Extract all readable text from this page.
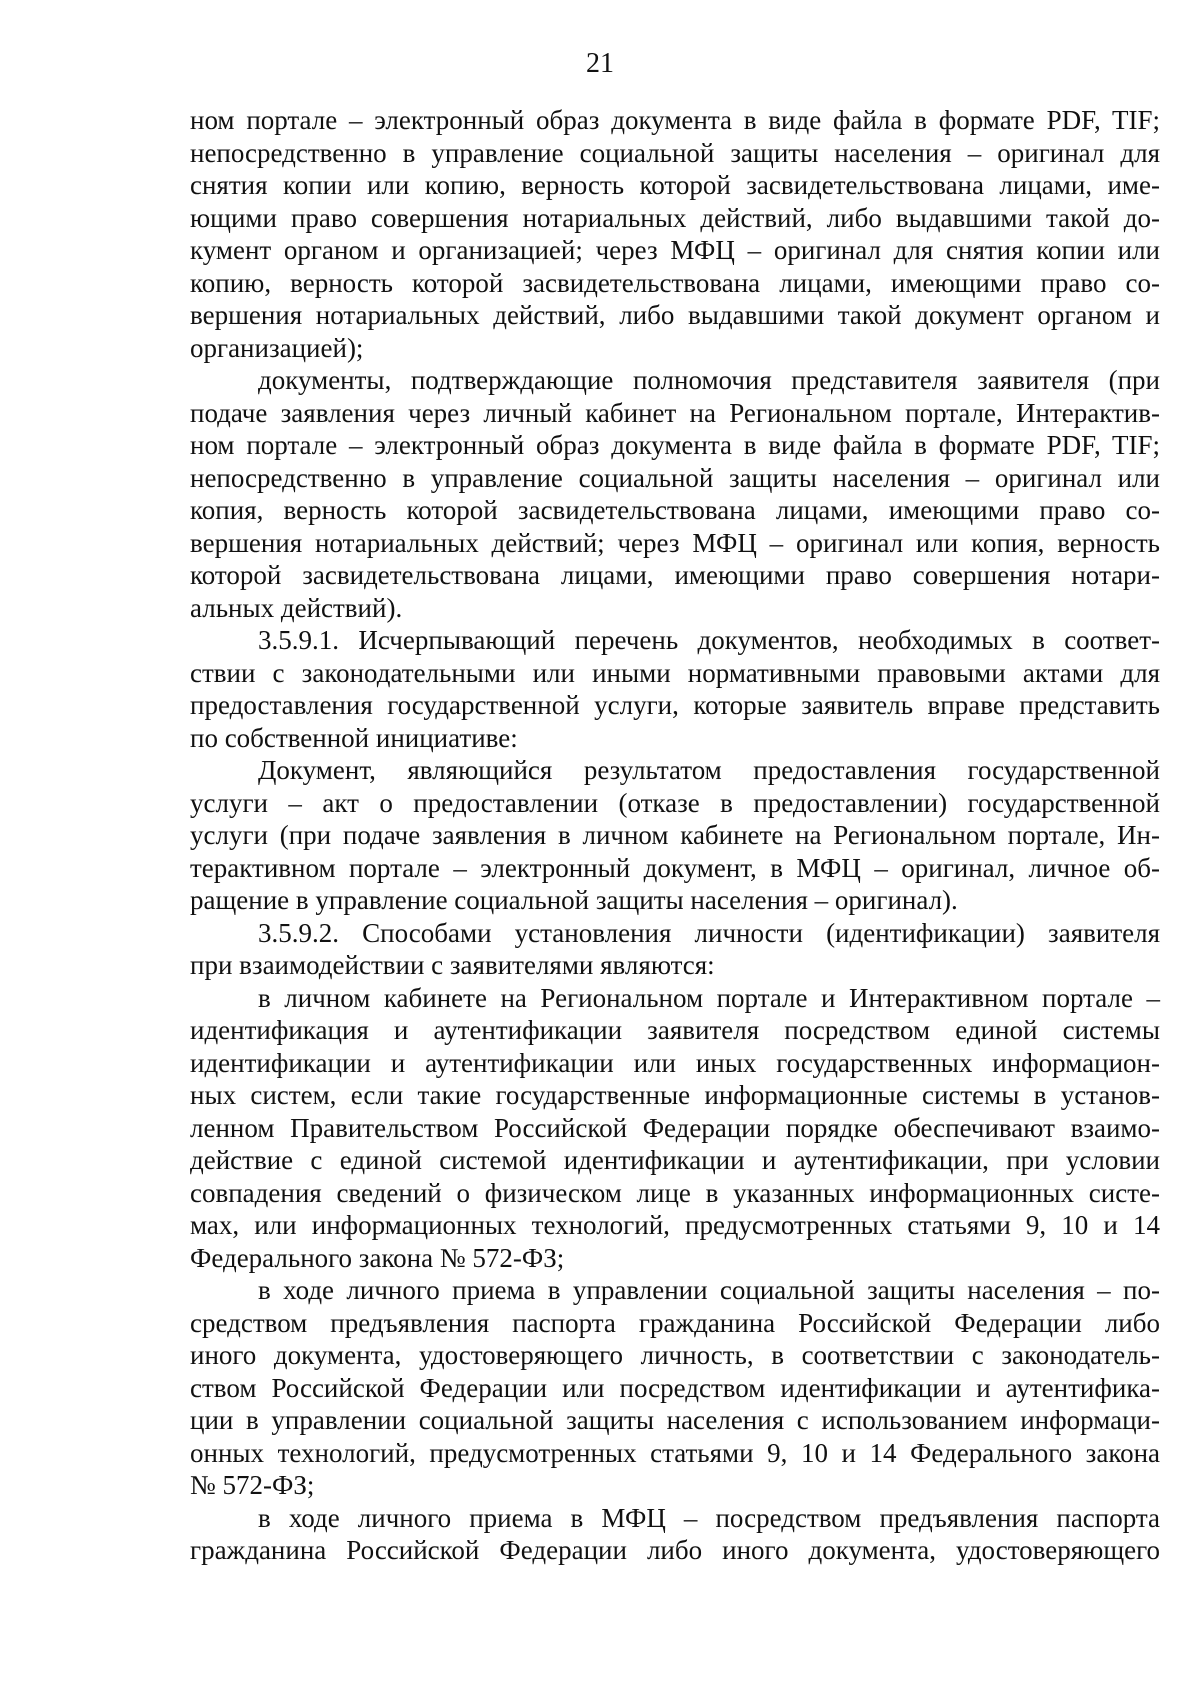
21
ном портале – электронный образ документа в виде файла в формате PDF, TIF;
непосредственно в управление социальной защиты населения – оригинал для
снятия копии или копию, верность которой засвидетельствована лицами, име-
ющими право совершения нотариальных действий, либо выдавшими такой до-
кумент органом и организацией; через МФЦ – оригинал для снятия копии или
копию, верность которой засвидетельствована лицами, имеющими право со-
вершения нотариальных действий, либо выдавшими такой документ органом и
организацией);
документы, подтверждающие полномочия представителя заявителя (при
подаче заявления через личный кабинет на Региональном портале, Интерактив-
ном портале – электронный образ документа в виде файла в формате PDF, TIF;
непосредственно в управление социальной защиты населения – оригинал или
копия, верность которой засвидетельствована лицами, имеющими право со-
вершения нотариальных действий; через МФЦ – оригинал или копия, верность
которой засвидетельствована лицами, имеющими право совершения нотари-
альных действий).
3.5.9.1. Исчерпывающий перечень документов, необходимых в соответ-
ствии с законодательными или иными нормативными правовыми актами для
предоставления государственной услуги, которые заявитель вправе представить
по собственной инициативе:
Документ, являющийся результатом предоставления государственной
услуги – акт о предоставлении (отказе в предоставлении) государственной
услуги (при подаче заявления в личном кабинете на Региональном портале, Ин-
терактивном портале – электронный документ, в МФЦ – оригинал, личное об-
ращение в управление социальной защиты населения – оригинал).
3.5.9.2. Способами установления личности (идентификации) заявителя
при взаимодействии с заявителями являются:
в личном кабинете на Региональном портале и Интерактивном портале –
идентификация и аутентификации заявителя посредством единой системы
идентификации и аутентификации или иных государственных информацион-
ных систем, если такие государственные информационные системы в установ-
ленном Правительством Российской Федерации порядке обеспечивают взаимо-
действие с единой системой идентификации и аутентификации, при условии
совпадения сведений о физическом лице в указанных информационных систе-
мах, или информационных технологий, предусмотренных статьями 9, 10 и 14
Федерального закона № 572-ФЗ;
в ходе личного приема в управлении социальной защиты населения – по-
средством предъявления паспорта гражданина Российской Федерации либо
иного документа, удостоверяющего личность, в соответствии с законодатель-
ством Российской Федерации или посредством идентификации и аутентифика-
ции в управлении социальной защиты населения с использованием информаци-
онных технологий, предусмотренных статьями 9, 10 и 14 Федерального закона
№ 572-ФЗ;
в ходе личного приема в МФЦ – посредством предъявления паспорта
гражданина Российской Федерации либо иного документа, удостоверяющего
